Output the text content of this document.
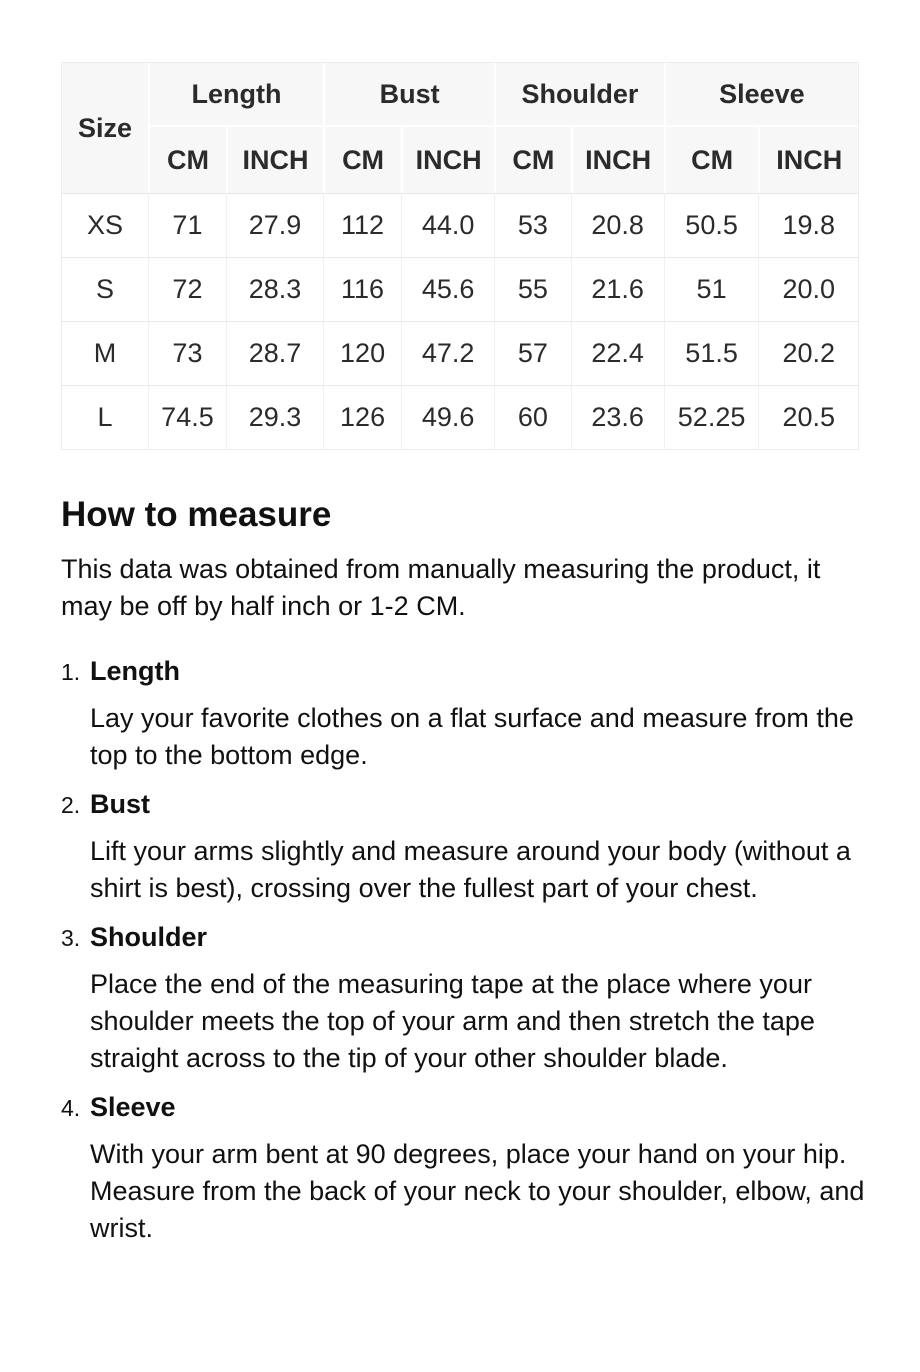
Size	Length		Bust		Shoulder		Sleeve	
	CM	INCH	CM	INCH	CM	INCH	CM	INCH
XS	71	27.9	112	44.0	53	20.8	50.5	19.8
S	72	28.3	116	45.6	55	21.6	51	20.0
M	73	28.7	120	47.2	57	22.4	51.5	20.2
L	74.5	29.3	126	49.6	60	23.6	52.25	20.5
How to measure

This data was obtained from manually measuring the product, it may be off by half inch or 1-2 CM.

1. Length
Lay your favorite clothes on a flat surface and measure from the top to the bottom edge.
2. Bust
Lift your arms slightly and measure around your body (without a shirt is best), crossing over the fullest part of your chest.
3. Shoulder
Place the end of the measuring tape at the place where your shoulder meets the top of your arm and then stretch the tape straight across to the tip of your other shoulder blade.
4. Sleeve
With your arm bent at 90 degrees, place your hand on your hip. Measure from the back of your neck to your shoulder, elbow, and wrist.
